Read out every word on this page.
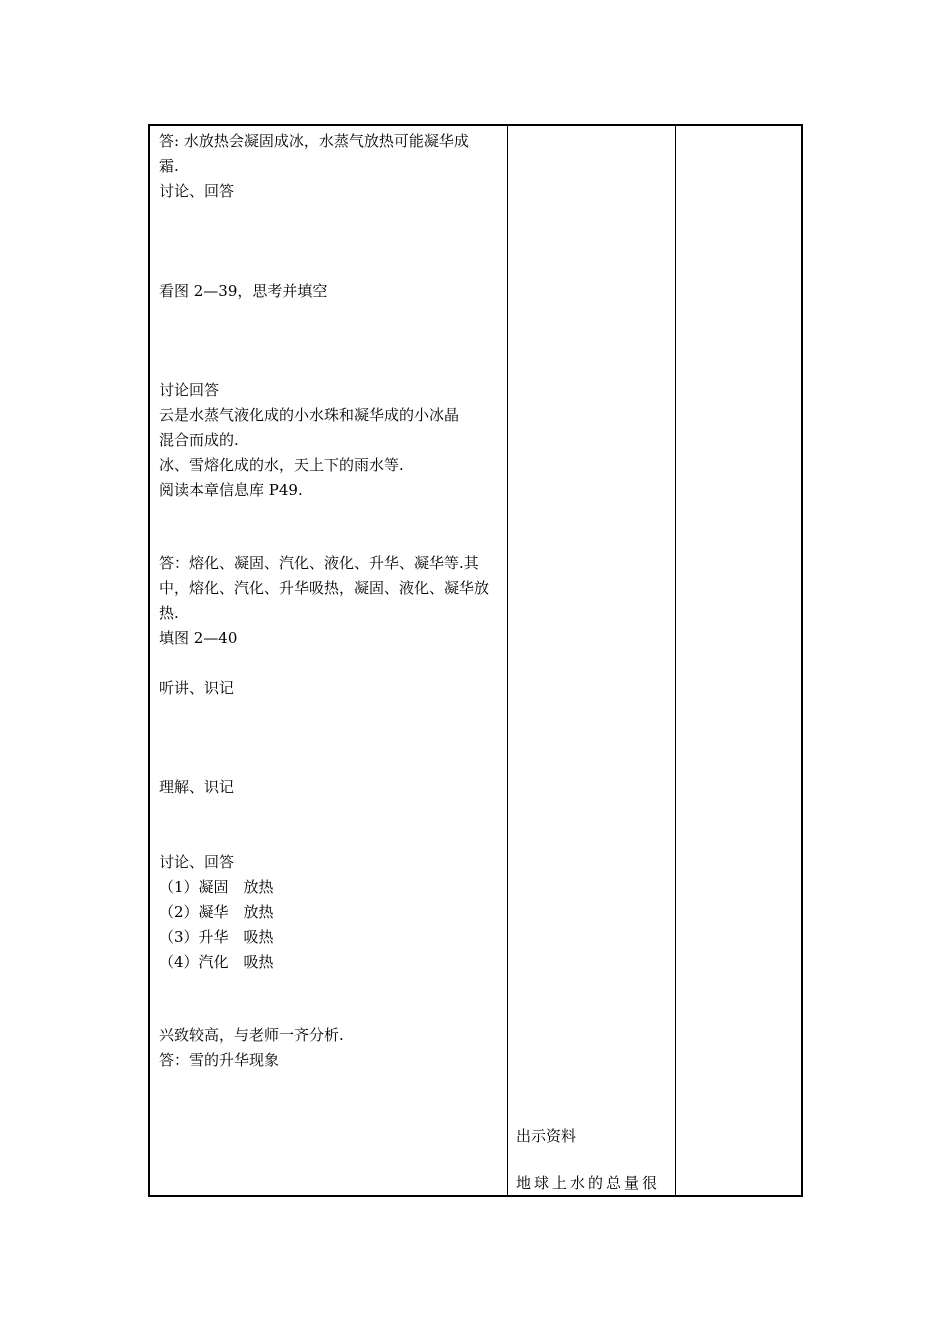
答: 水放热会凝固成冰，水蒸气放热可能凝华成
霜.
讨论、回答
看图 2—39，思考并填空
讨论回答
云是水蒸气液化成的小水珠和凝华成的小冰晶
混合而成的.
冰、雪熔化成的水，天上下的雨水等.
阅读本章信息库 P49.
答：熔化、凝固、汽化、液化、升华、凝华等.其
中，熔化、汽化、升华吸热，凝固、液化、凝华放
热.
填图 2—40
听讲、识记
理解、识记
讨论、回答
（1）凝固　放热
（2）凝华　放热
（3）升华　吸热
（4）汽化　吸热
兴致较高，与老师一齐分析.
答：雪的升华现象
出示资料
地球上水的总量很
